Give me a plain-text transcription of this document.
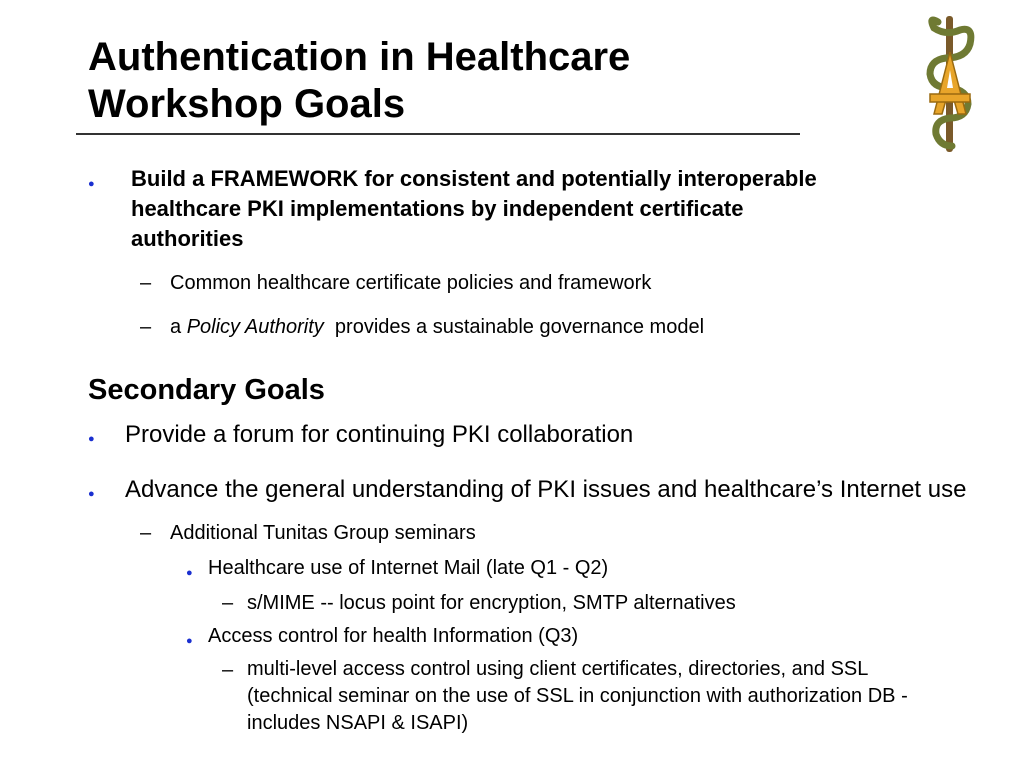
Authentication in Healthcare
Workshop Goals
● Build a FRAMEWORK for consistent and potentially interoperable healthcare PKI implementations by independent certificate authorities
– Common healthcare certificate policies and framework
– a Policy Authority provides a sustainable governance model
Secondary Goals
● Provide a forum for continuing PKI collaboration
● Advance the general understanding of PKI issues and healthcare’s Internet use
– Additional Tunitas Group seminars
● Healthcare use of Internet Mail (late Q1 - Q2)
– s/MIME -- locus point for encryption, SMTP alternatives
● Access control for health Information (Q3)
– multi-level access control using client certificates, directories, and SSL (technical seminar on the use of SSL in conjunction with authorization DB - includes NSAPI & ISAPI)
